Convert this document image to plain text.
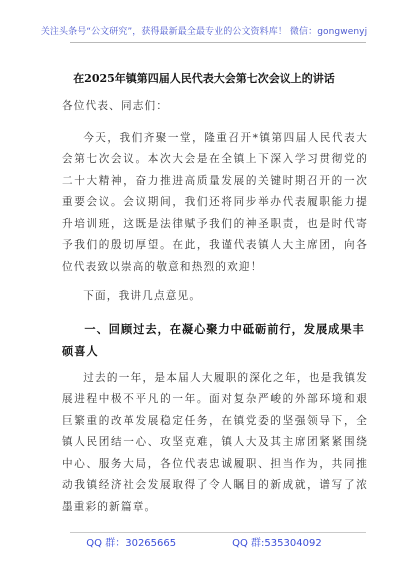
关注头条号“公文研究”，获得最新最全最专业的公文资料库！ 微信：gongwenyj
在2025年镇第四届人民代表大会第七次会议上的讲话

各位代表、同志们：

今天，我们齐聚一堂，隆重召开*镇第四届人民代表大会第七次会议。本次大会是在全镇上下深入学习贯彻党的二十大精神，奋力推进高质量发展的关键时期召开的一次重要会议。会议期间，我们还将同步举办代表履职能力提升培训班，这既是法律赋予我们的神圣职责，也是时代寄予我们的殷切厚望。在此，我谨代表镇人大主席团，向各位代表致以崇高的敬意和热烈的欢迎！

下面，我讲几点意见。

一、回顾过去，在凝心聚力中砥砺前行，发展成果丰硕喜人

过去的一年，是本届人大履职的深化之年，也是我镇发展进程中极不平凡的一年。面对复杂严峻的外部环境和艰巨繁重的改革发展稳定任务，在镇党委的坚强领导下，全镇人民团结一心、攻坚克难，镇人大及其主席团紧紧围绕中心、服务大局，各位代表忠诚履职、担当作为，共同推动我镇经济社会发展取得了令人瞩目的新成就，谱写了浓墨重彩的新篇章。

QQ 群：30265665	QQ 群:535304092
